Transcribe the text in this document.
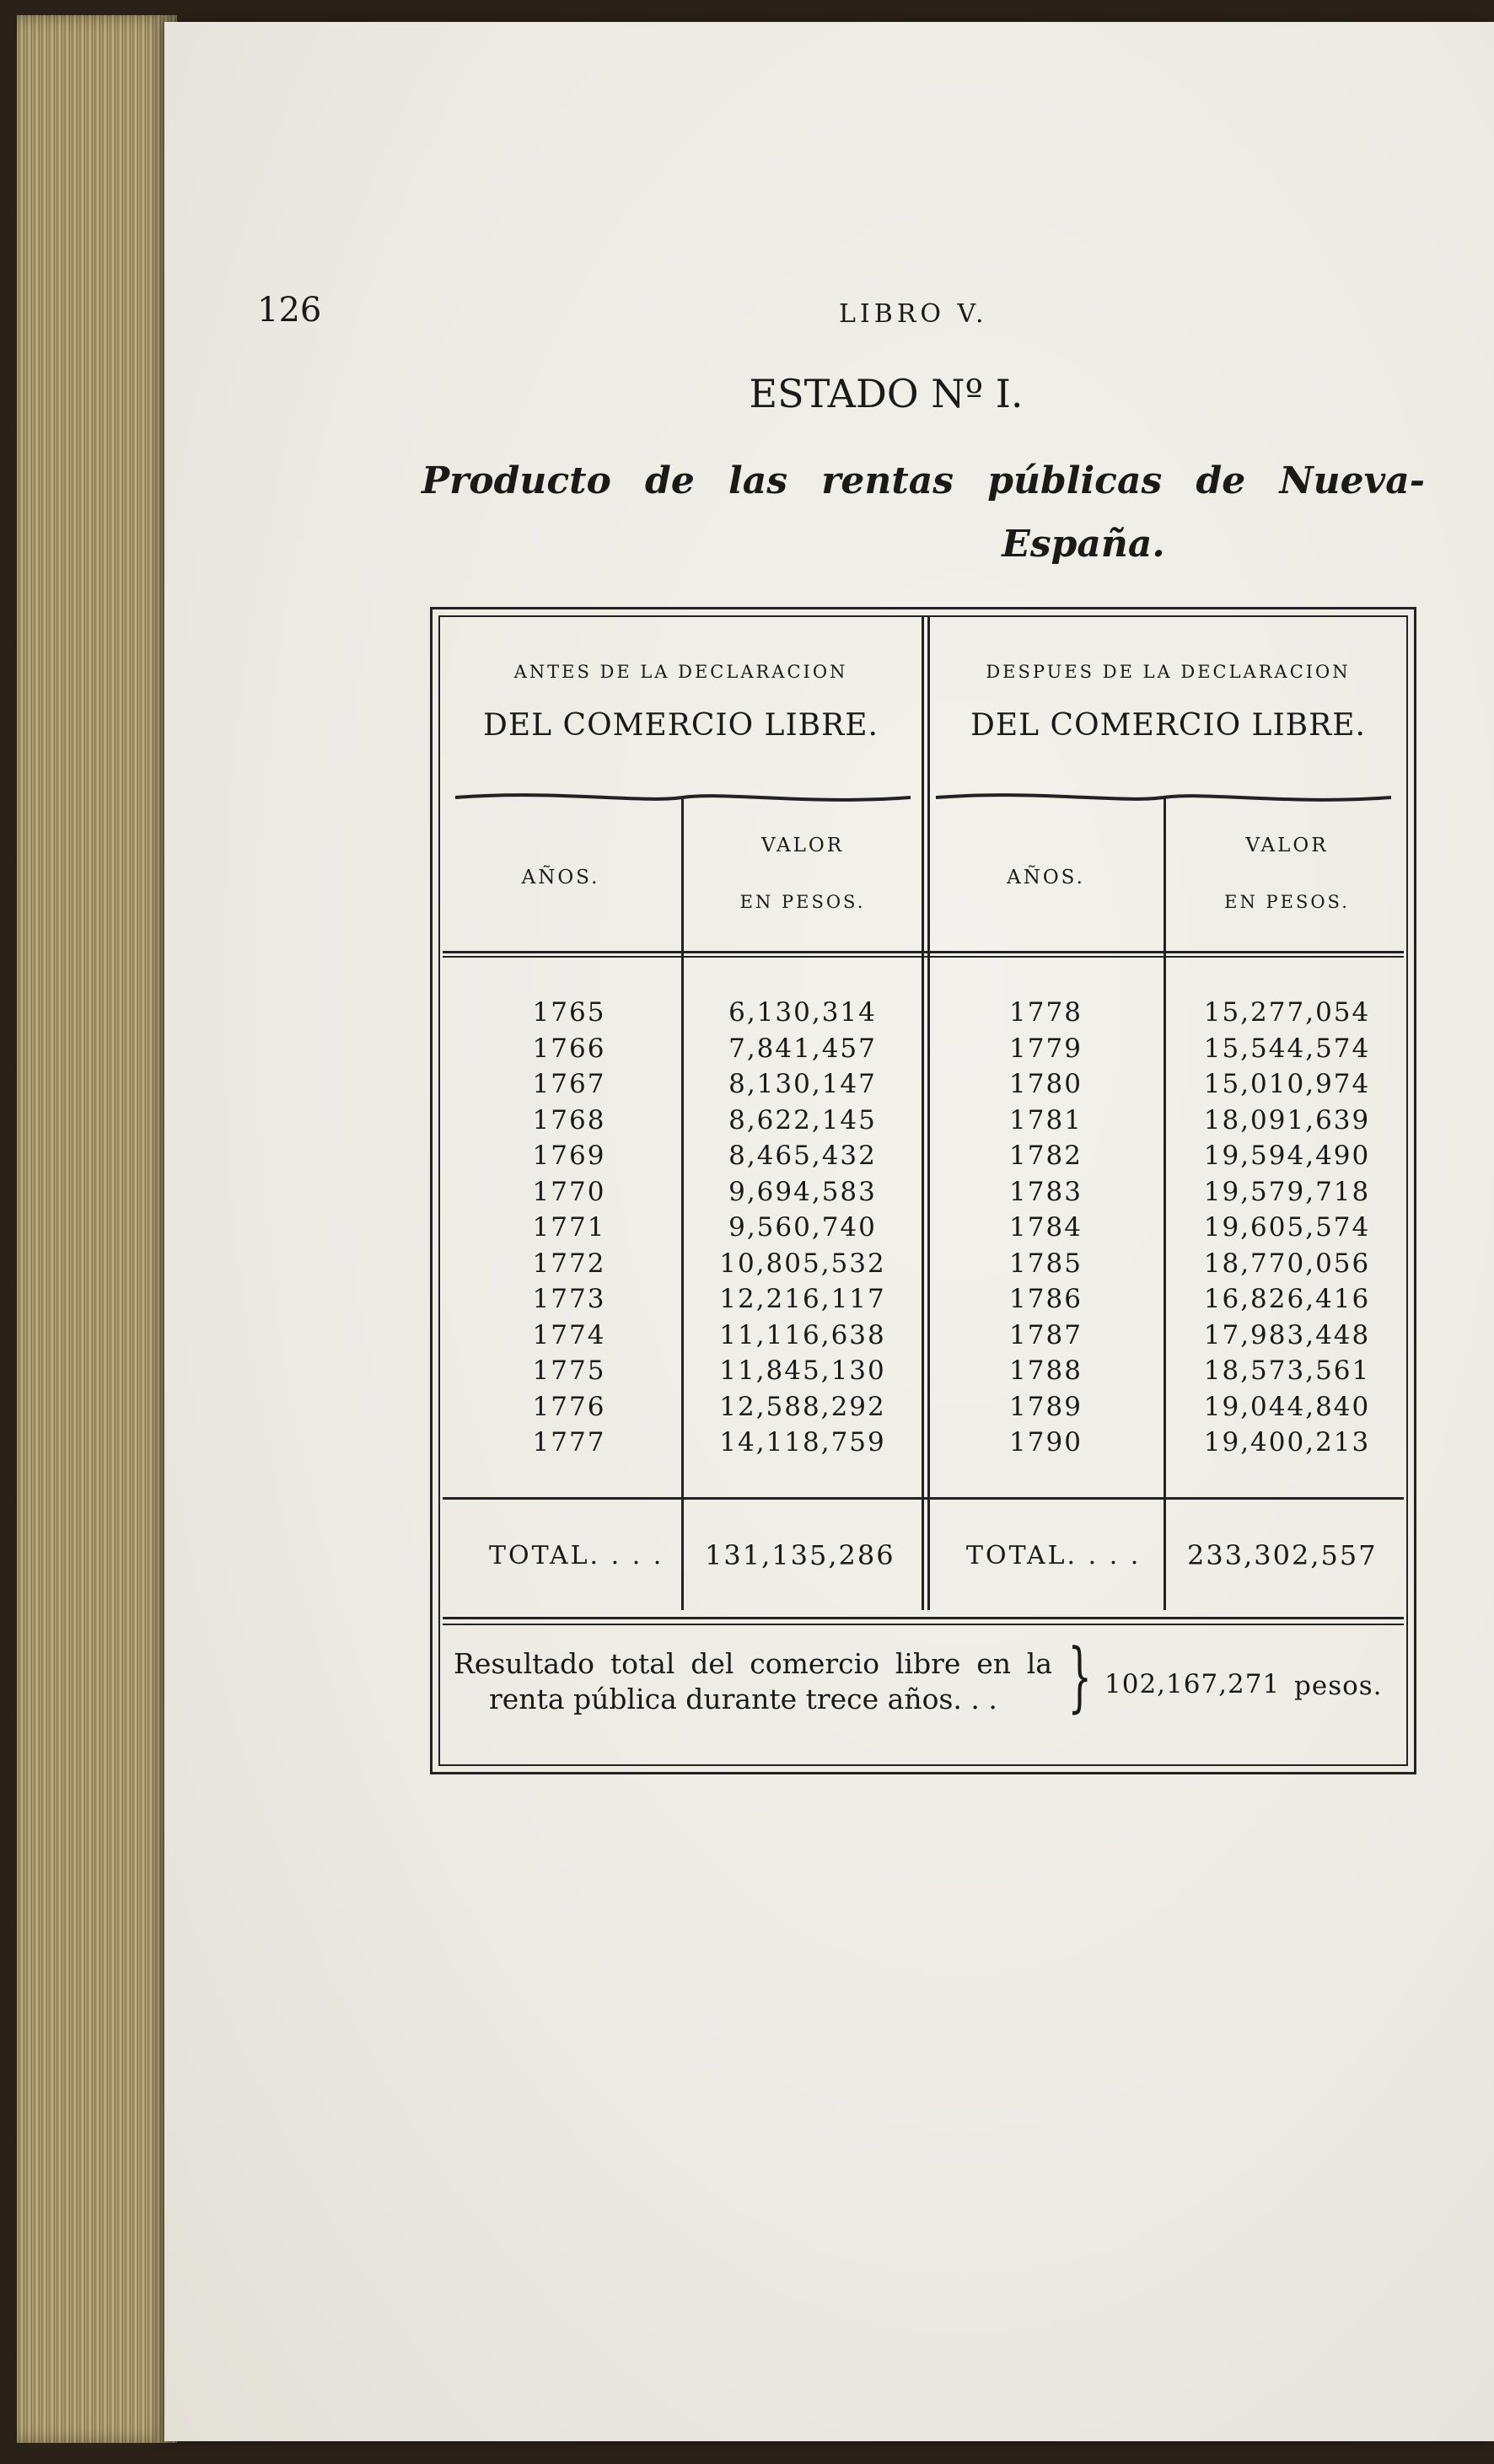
126	LIBRO V.
ESTADO Nº I.
Producto de las rentas públicas de Nueva-
España.
ANTES DE LA DECLARACION
DEL COMERCIO LIBRE.
DESPUES DE LA DECLARACION
DEL COMERCIO LIBRE.
AÑOS.
VALOR
EN PESOS.
AÑOS.
VALOR
EN PESOS.
1765
1766
1767
1768
1769
1770
1771
1772
1773
1774
1775
1776
1777
6,130,314
7,841,457
8,130,147
8,622,145
8,465,432
9,694,583
9,560,740
10,805,532
12,216,117
11,116,638
11,845,130
12,588,292
14,118,759
1778
1779
1780
1781
1782
1783
1784
1785
1786
1787
1788
1789
1790
15,277,054
15,544,574
15,010,974
18,091,639
19,594,490
19,579,718
19,605,574
18,770,056
16,826,416
17,983,448
18,573,561
19,044,840
19,400,213
TOTAL. . . . 131,135,286	TOTAL. . . . 233,302,557
Resultado total del comercio libre en la
renta pública durante trece años. . . } 102,167,271 pesos.
